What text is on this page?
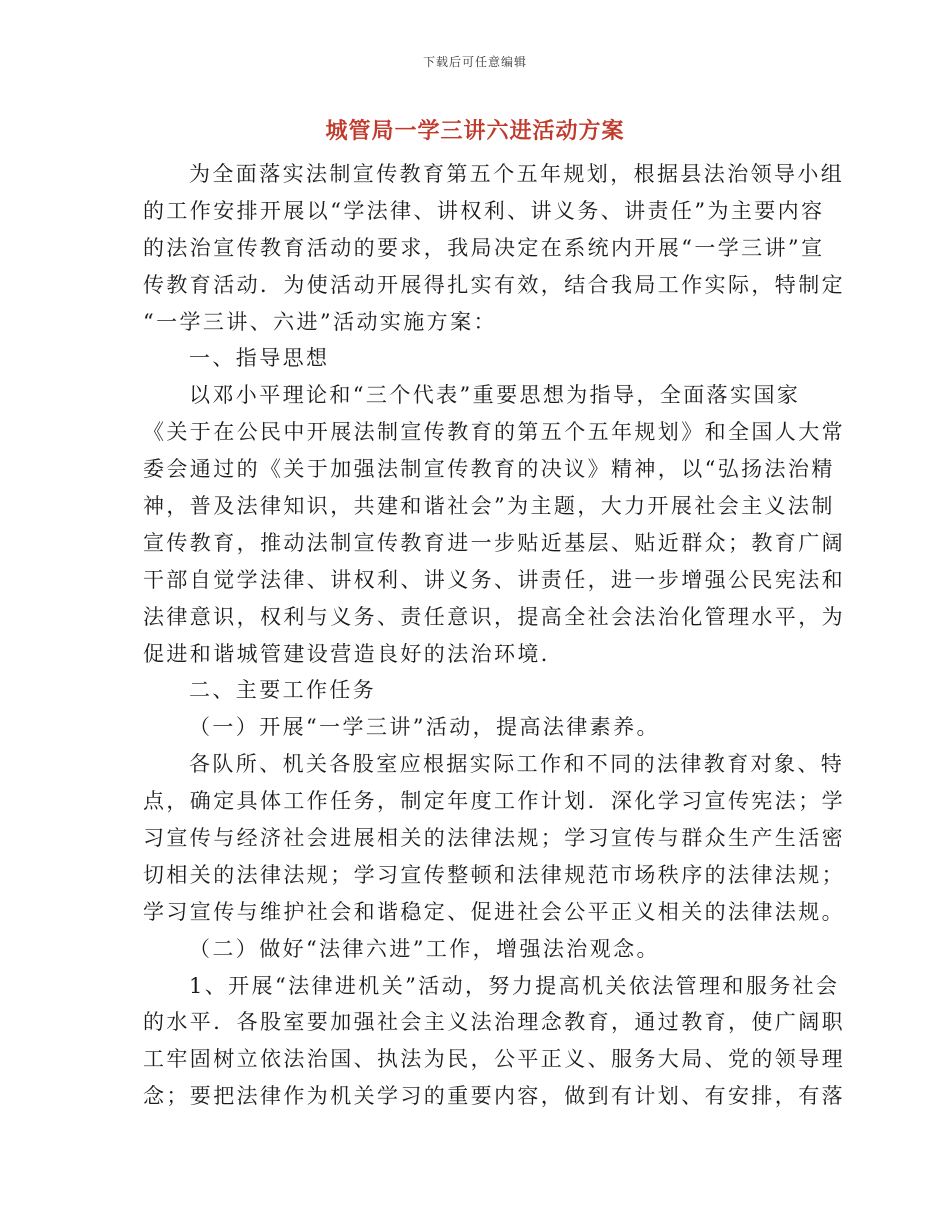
下载后可任意编辑
城管局一学三讲六进活动方案
为全面落实法制宣传教育第五个五年规划，根据县法治领导小组
的工作安排开展以“学法律、讲权利、讲义务、讲责任”为主要内容
的法治宣传教育活动的要求，我局决定在系统内开展“一学三讲”宣
传教育活动．为使活动开展得扎实有效，结合我局工作实际，特制定
“一学三讲、六进”活动实施方案：
一、指导思想
以邓小平理论和“三个代表”重要思想为指导，全面落实国家
《关于在公民中开展法制宣传教育的第五个五年规划》和全国人大常
委会通过的《关于加强法制宣传教育的决议》精神，以“弘扬法治精
神，普及法律知识，共建和谐社会”为主题，大力开展社会主义法制
宣传教育，推动法制宣传教育进一步贴近基层、贴近群众；教育广阔
干部自觉学法律、讲权利、讲义务、讲责任，进一步增强公民宪法和
法律意识，权利与义务、责任意识，提高全社会法治化管理水平，为
促进和谐城管建设营造良好的法治环境．
二、主要工作任务
（一）开展“一学三讲”活动，提高法律素养。
各队所、机关各股室应根据实际工作和不同的法律教育对象、特
点，确定具体工作任务，制定年度工作计划．深化学习宣传宪法；学
习宣传与经济社会进展相关的法律法规；学习宣传与群众生产生活密
切相关的法律法规；学习宣传整顿和法律规范市场秩序的法律法规；
学习宣传与维护社会和谐稳定、促进社会公平正义相关的法律法规。
（二）做好“法律六进”工作，增强法治观念。
1、开展“法律进机关”活动，努力提高机关依法管理和服务社会
的水平．各股室要加强社会主义法治理念教育，通过教育，使广阔职
工牢固树立依法治国、执法为民，公平正义、服务大局、党的领导理
念；要把法律作为机关学习的重要内容，做到有计划、有安排，有落
